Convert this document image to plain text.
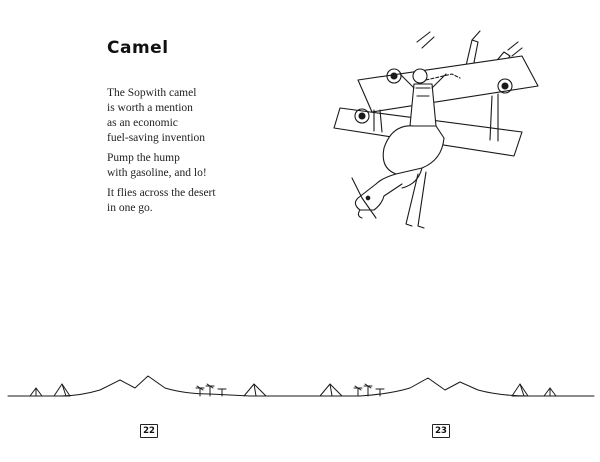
Camel
The Sopwith camel
is worth a mention
as an economic
fuel-saving invention
Pump the hump
with gasoline, and lo!
It flies across the desert
in one go.
22	23
